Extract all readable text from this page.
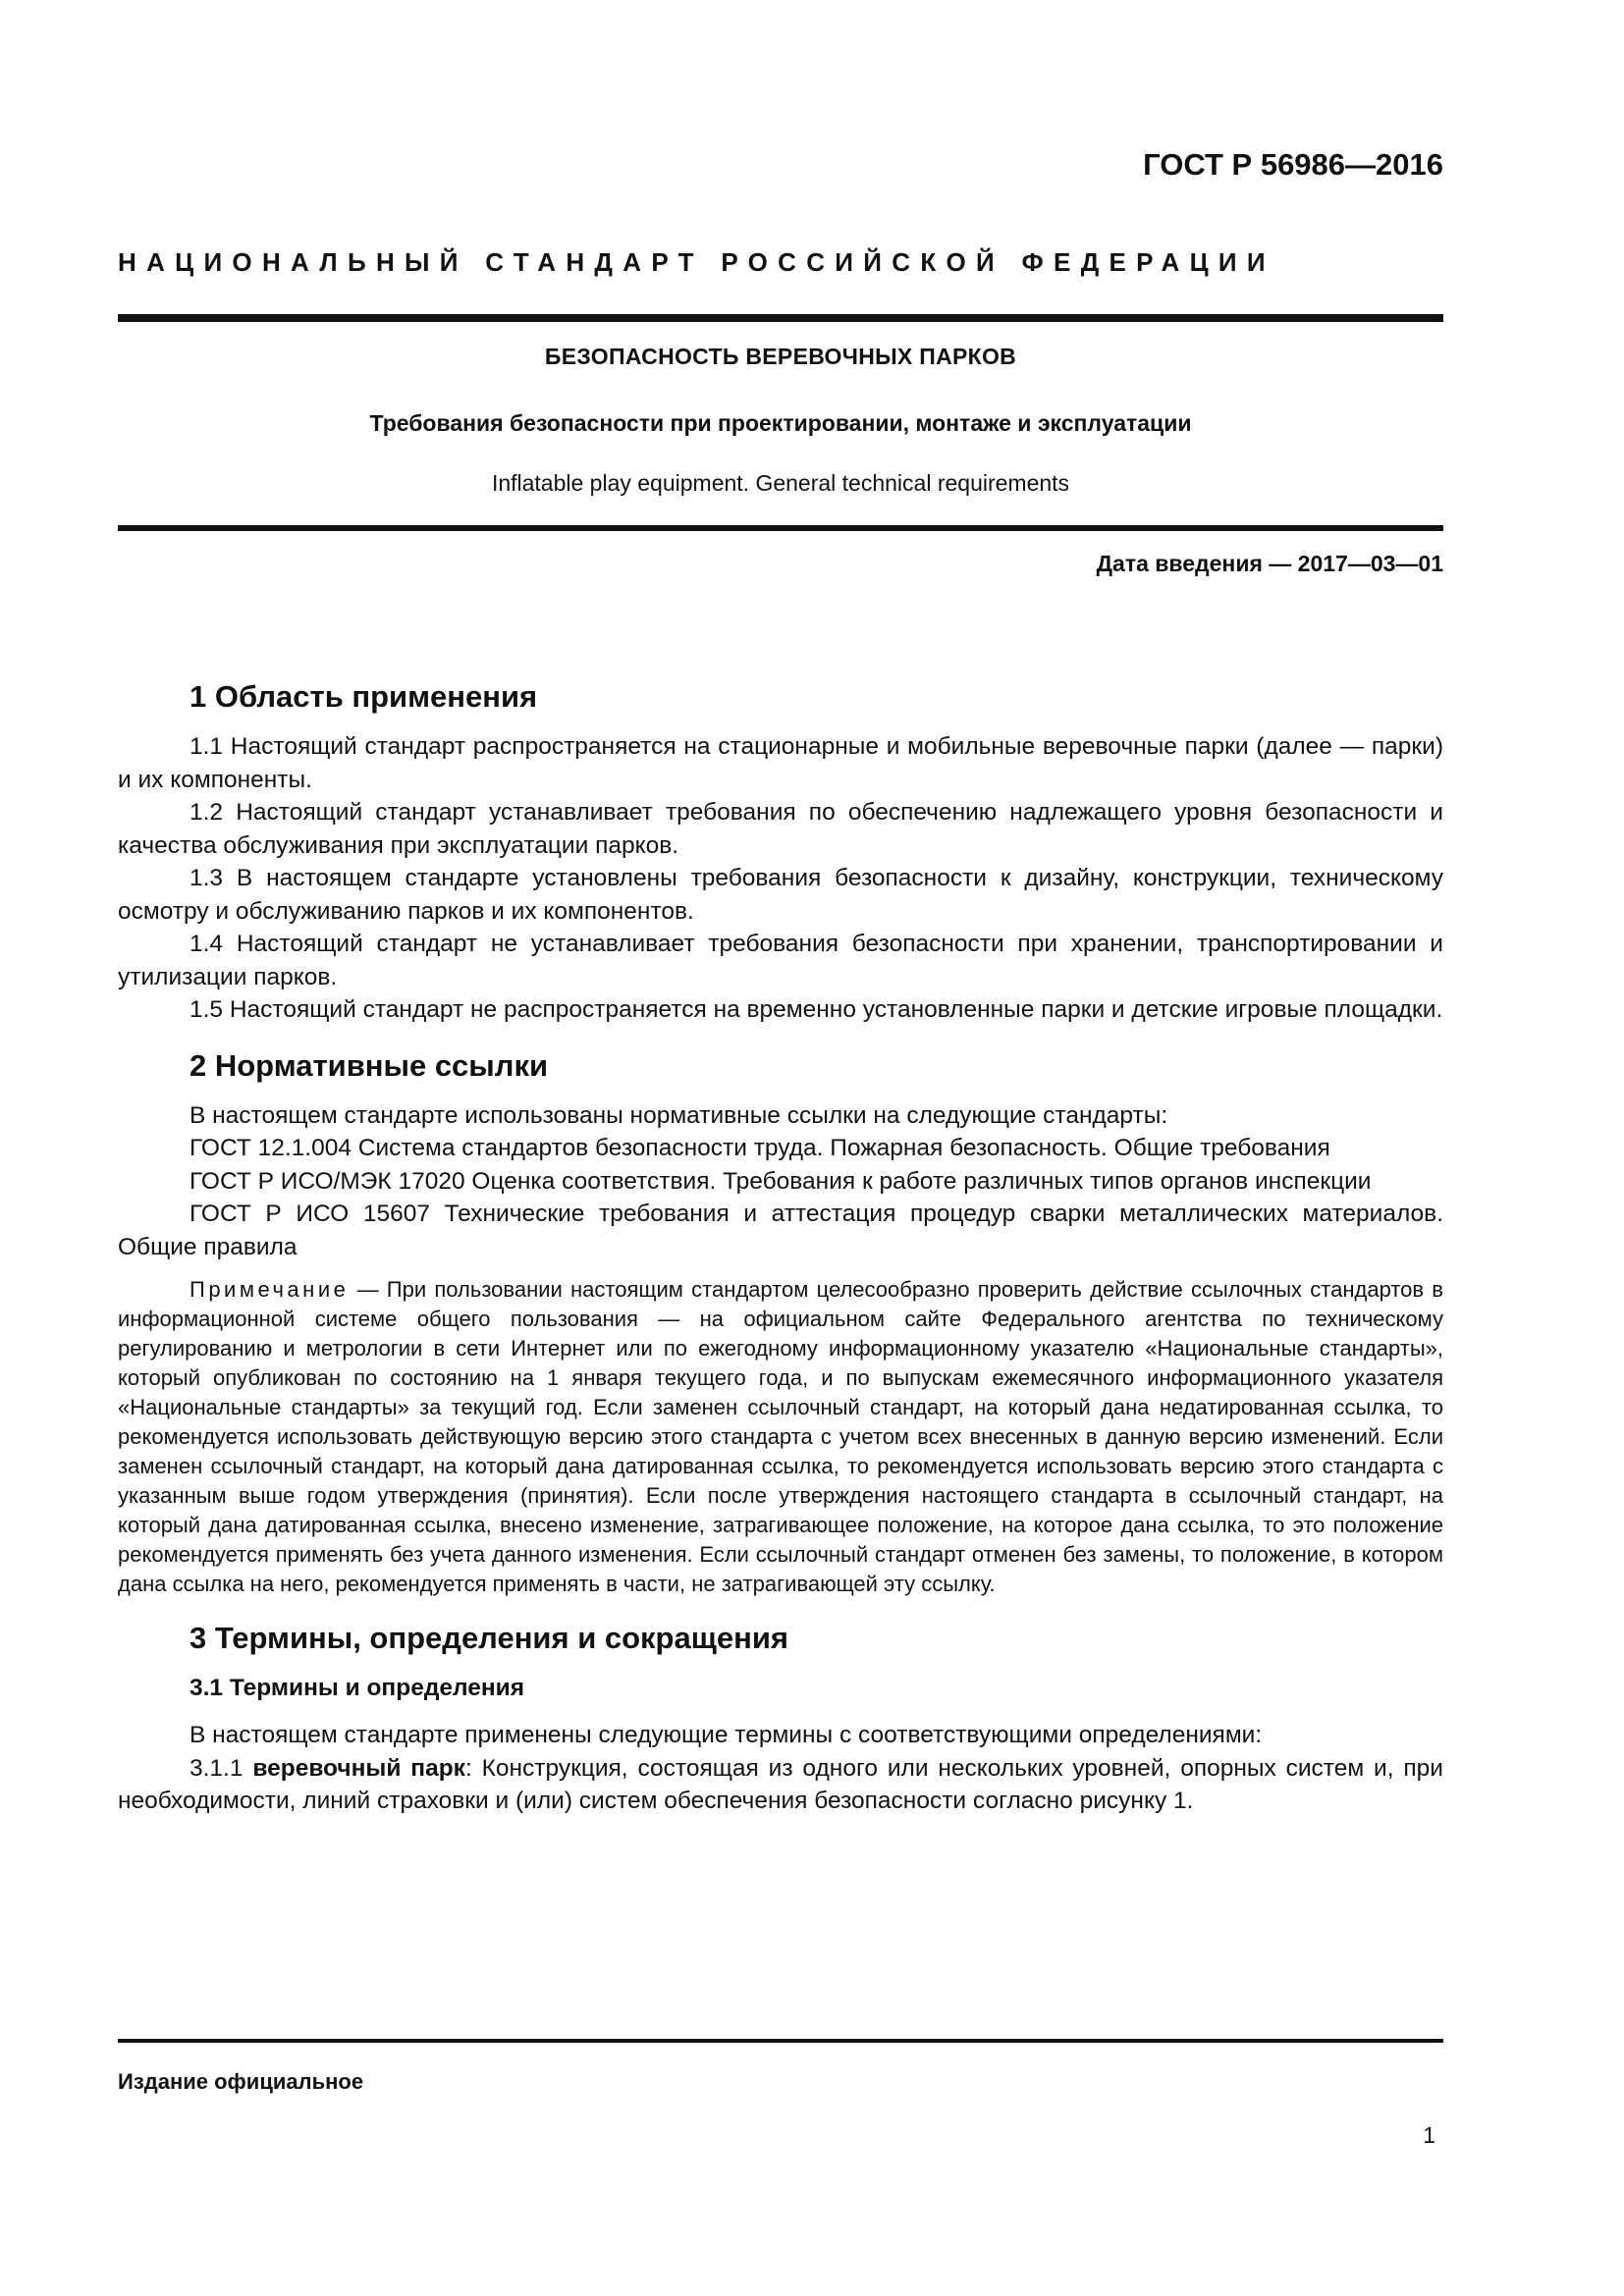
ГОСТ Р 56986—2016
НАЦИОНАЛЬНЫЙ СТАНДАРТ РОССИЙСКОЙ ФЕДЕРАЦИИ
БЕЗОПАСНОСТЬ ВЕРЕВОЧНЫХ ПАРКОВ
Требования безопасности при проектировании, монтаже и эксплуатации
Inflatable play equipment. General technical requirements
Дата введения — 2017—03—01
1 Область применения

1.1 Настоящий стандарт распространяется на стационарные и мобильные веревочные парки (далее — парки) и их компоненты.

1.2 Настоящий стандарт устанавливает требования по обеспечению надлежащего уровня безопасности и качества обслуживания при эксплуатации парков.

1.3 В настоящем стандарте установлены требования безопасности к дизайну, конструкции, техническому осмотру и обслуживанию парков и их компонентов.

1.4 Настоящий стандарт не устанавливает требования безопасности при хранении, транспортировании и утилизации парков.

1.5 Настоящий стандарт не распространяется на временно установленные парки и детские игровые площадки.

2 Нормативные ссылки

В настоящем стандарте использованы нормативные ссылки на следующие стандарты:

ГОСТ 12.1.004 Система стандартов безопасности труда. Пожарная безопасность. Общие требования

ГОСТ Р ИСО/МЭК 17020 Оценка соответствия. Требования к работе различных типов органов инспекции

ГОСТ Р ИСО 15607 Технические требования и аттестация процедур сварки металлических материалов. Общие правила

Примечание — При пользовании настоящим стандартом целесообразно проверить действие ссылочных стандартов в информационной системе общего пользования — на официальном сайте Федерального агентства по техническому регулированию и метрологии в сети Интернет или по ежегодному информационному указателю «Национальные стандарты», который опубликован по состоянию на 1 января текущего года, и по выпускам ежемесячного информационного указателя «Национальные стандарты» за текущий год. Если заменен ссылочный стандарт, на который дана недатированная ссылка, то рекомендуется использовать действующую версию этого стандарта с учетом всех внесенных в данную версию изменений. Если заменен ссылочный стандарт, на который дана датированная ссылка, то рекомендуется использовать версию этого стандарта с указанным выше годом утверждения (принятия). Если после утверждения настоящего стандарта в ссылочный стандарт, на который дана датированная ссылка, внесено изменение, затрагивающее положение, на которое дана ссылка, то это положение рекомендуется применять без учета данного изменения. Если ссылочный стандарт отменен без замены, то положение, в котором дана ссылка на него, рекомендуется применять в части, не затрагивающей эту ссылку.

3 Термины, определения и сокращения
3.1 Термины и определения

В настоящем стандарте применены следующие термины с соответствующими определениями:

3.1.1 веревочный парк: Конструкция, состоящая из одного или нескольких уровней, опорных систем и, при необходимости, линий страховки и (или) систем обеспечения безопасности согласно рисунку 1.

Издание официальное
1
